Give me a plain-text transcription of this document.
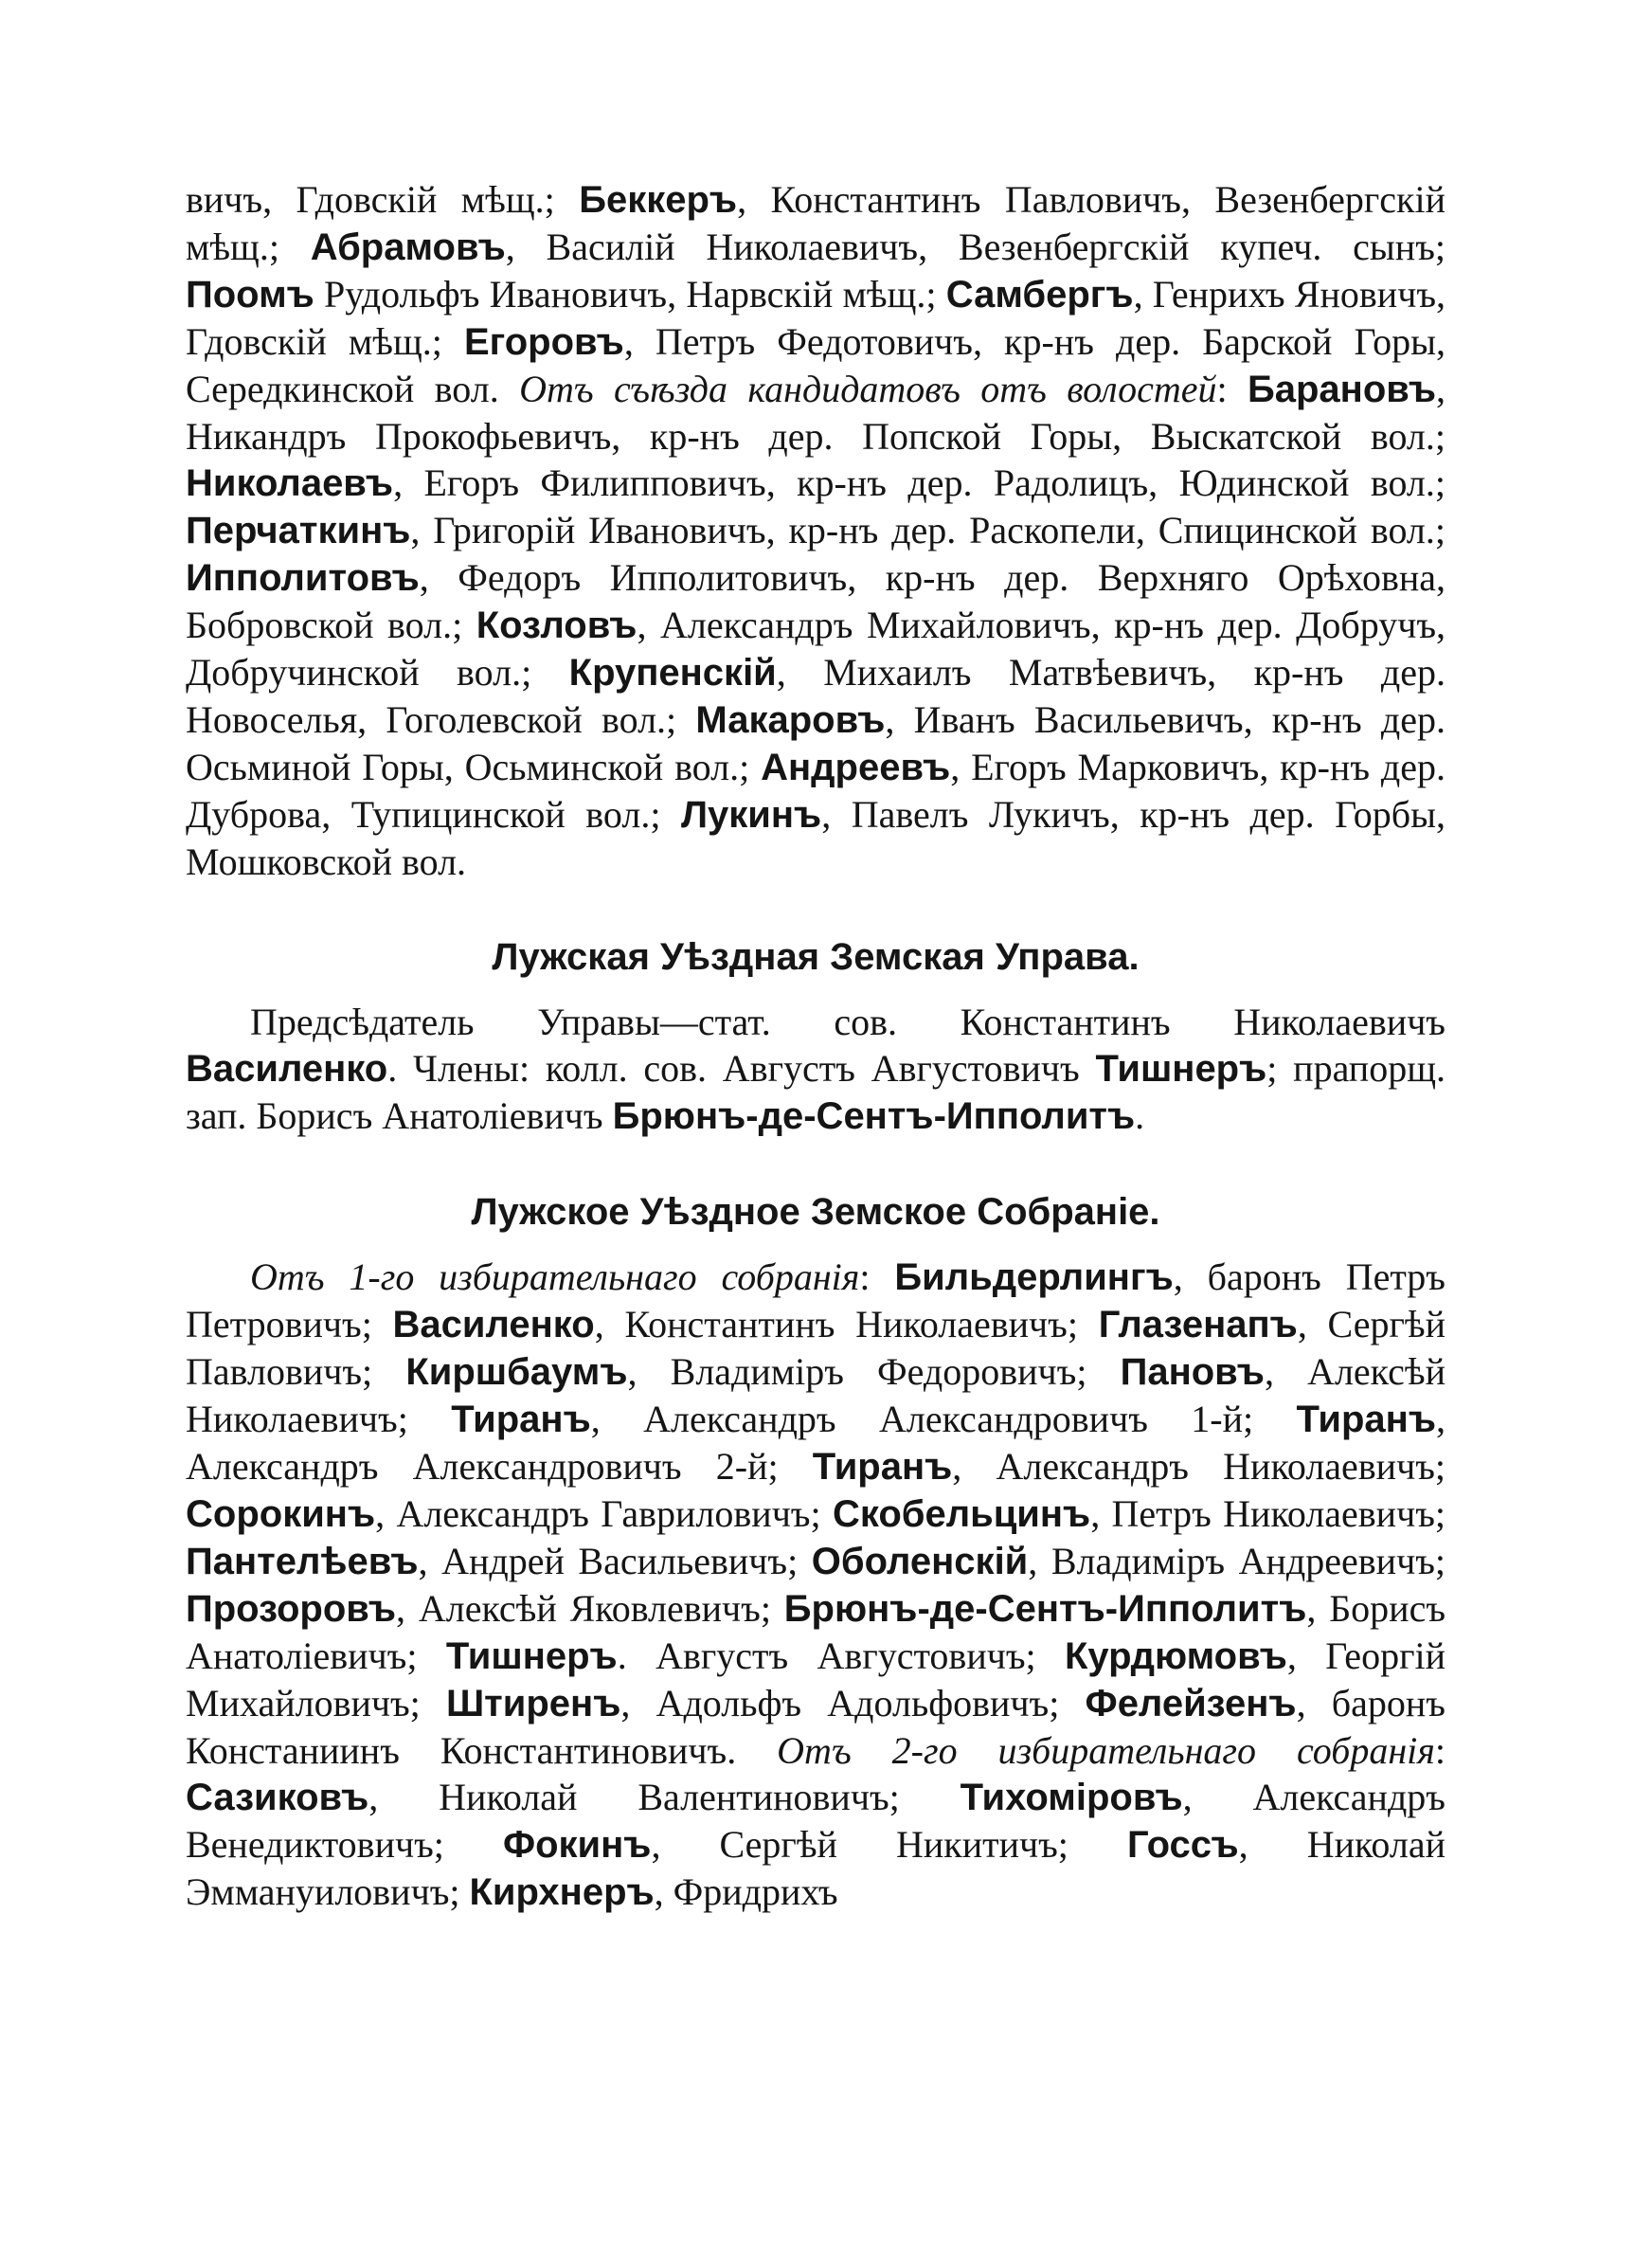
вичъ, Гдовскій мѣщ.; Беккеръ, Константинъ Павловичъ, Везенбергскій мѣщ.; Абрамовъ, Василій Николаевичъ, Везенбергскій купеч. сынъ; Поомъ Рудольфъ Ивановичъ, Нарвскій мѣщ.; Самбергъ, Генрихъ Яновичъ, Гдовскій мѣщ.; Егоровъ, Петръ Федотовичъ, кр-нъ дер. Барской Горы, Середкинской вол. Отъ съѣзда кандидатовъ отъ волостей: Барановъ, Никандръ Прокофьевичъ, кр-нъ дер. Попской Горы, Выскатской вол.; Николаевъ, Егоръ Филипповичъ, кр-нъ дер. Радолицъ, Юдинской вол.; Перчаткинъ, Григорій Ивановичъ, кр-нъ дер. Раскопели, Спицинской вол.; Ипполитовъ, Федоръ Ипполитовичъ, кр-нъ дер. Верхняго Орѣховна, Бобровской вол.; Козловъ, Александръ Михайловичъ, кр-нъ дер. Добручъ, Добручинской вол.; Крупенскій, Михаилъ Матвѣевичъ, кр-нъ дер. Новоселья, Гоголевской вол.; Макаровъ, Иванъ Васильевичъ, кр-нъ дер. Осьминой Горы, Осьминской вол.; Андреевъ, Егоръ Марковичъ, кр-нъ дер. Дуброва, Тупицинской вол.; Лукинъ, Павелъ Лукичъ, кр-нъ дер. Горбы, Мошковской вол.

Лужская Уѣздная Земская Управа.

Предсѣдатель Управы—стат. сов. Константинъ Николаевичъ Василенко. Члены: колл. сов. Августъ Августовичъ Тишнеръ; прапорщ. зап. Борисъ Анатоліевичъ Брюнъ-де-Сентъ-Ипполитъ.

Лужское Уѣздное Земское Собраніе.

Отъ 1-го избирательнаго собранія: Бильдерлингъ, баронъ Петръ Петровичъ; Василенко, Константинъ Николаевичъ; Глазенапъ, Сергѣй Павловичъ; Киршбаумъ, Владиміръ Федоровичъ; Пановъ, Алексѣй Николаевичъ; Тиранъ, Александръ Александровичъ 1-й; Тиранъ, Александръ Александровичъ 2-й; Тиранъ, Александръ Николаевичъ; Сорокинъ, Александръ Гавриловичъ; Скобельцинъ, Петръ Николаевичъ; Пантелѣевъ, Андрей Васильевичъ; Оболенскій, Владиміръ Андреевичъ; Прозоровъ, Алексѣй Яковлевичъ; Брюнъ-де-Сентъ-Ипполитъ, Борисъ Анатоліевичъ; Тишнеръ. Августъ Августовичъ; Курдюмовъ, Георгій Михайловичъ; Штиренъ, Адольфъ Адольфовичъ; Фелейзенъ, баронъ Констаниинъ Константиновичъ. Отъ 2-го избирательнаго собранія: Сазиковъ, Николай Валентиновичъ; Тихоміровъ, Александръ Венедиктовичъ; Фокинъ, Сергѣй Никитичъ; Госсъ, Николай Эммануиловичъ; Кирхнеръ, Фридрихъ
